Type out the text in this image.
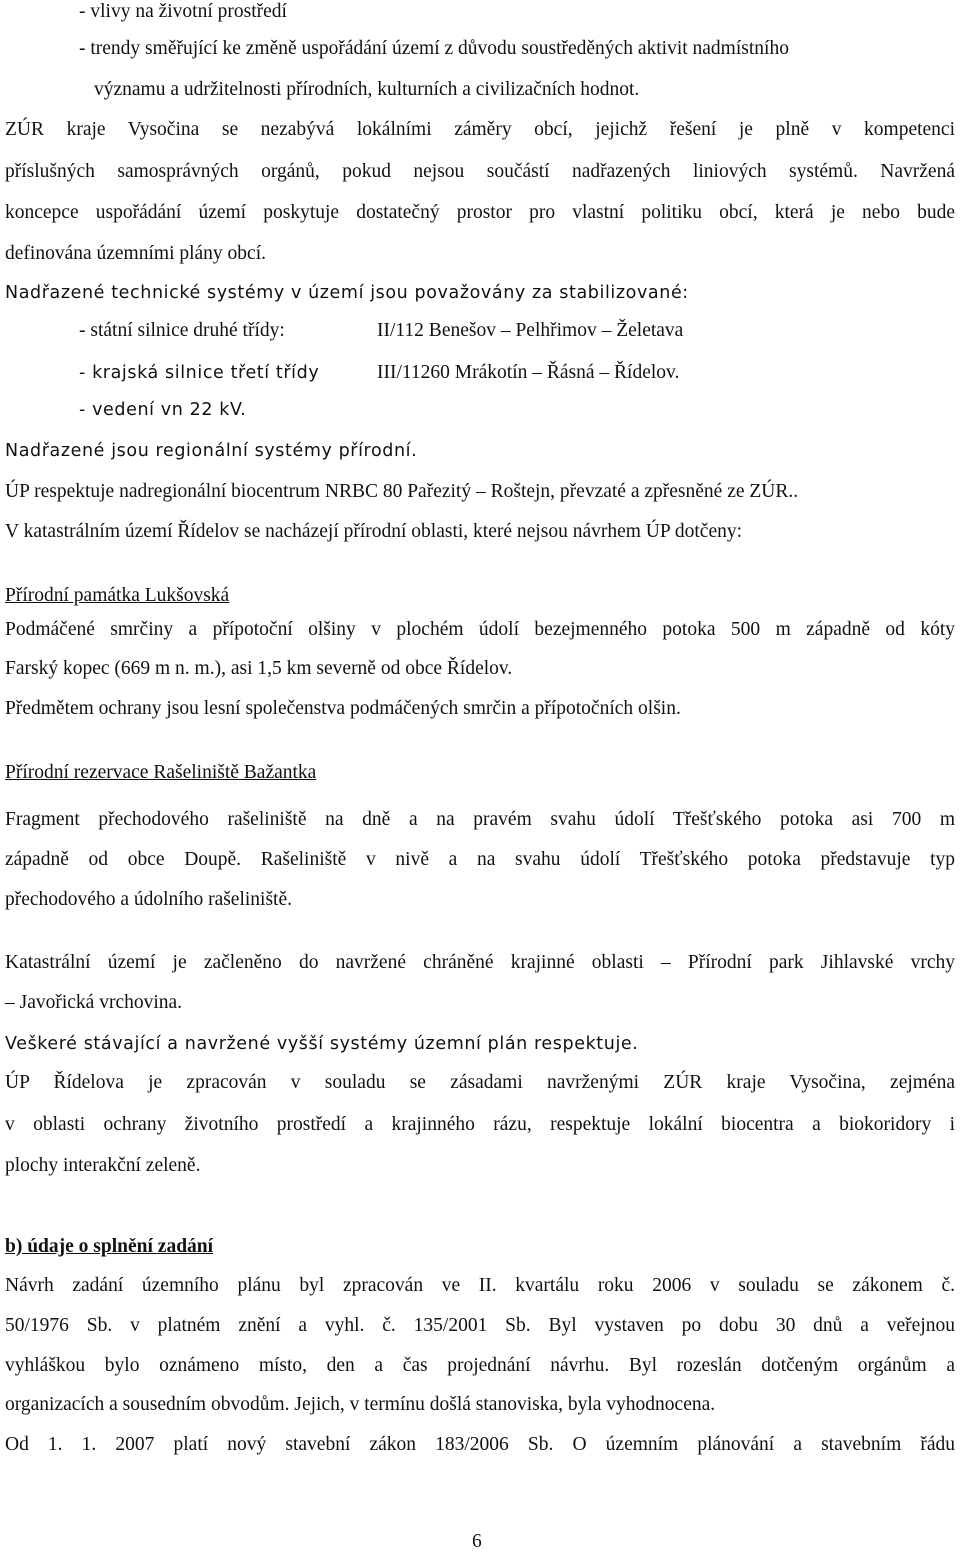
- vlivy na životní prostředí
- trendy směřující ke změně uspořádání území z důvodu soustředěných aktivit nadmístního
významu a udržitelnosti přírodních, kulturních a civilizačních hodnot.
ZÚR kraje Vysočina se nezabývá lokálními záměry obcí, jejichž řešení je plně v kompetenci
příslušných samosprávných orgánů, pokud nejsou součástí nadřazených liniových systémů. Navržená
koncepce uspořádání území poskytuje dostatečný prostor pro vlastní politiku obcí, která je nebo bude
definována územními plány obcí.
Nadřazené technické systémy v území jsou považovány za stabilizované:
- státní silnice druhé třídy:	II/112 Benešov – Pelhřimov – Želetava
- krajská silnice třetí třídy	III/11260 Mrákotín – Řásná – Řídelov.
- vedení vn 22 kV.
Nadřazené jsou regionální systémy přírodní.
ÚP respektuje nadregionální biocentrum NRBC 80 Pařezitý – Roštejn, převzaté a zpřesněné ze ZÚR..
V katastrálním území Řídelov se nacházejí přírodní oblasti, které nejsou návrhem ÚP dotčeny:
Přírodní památka Lukšovská
Podmáčené smrčiny a přípotoční olšiny v plochém údolí bezejmenného potoka 500 m západně od kóty
Farský kopec (669 m n. m.), asi 1,5 km severně od obce Řídelov.
Předmětem ochrany jsou lesní společenstva podmáčených smrčin a přípotočních olšin.
Přírodní rezervace Rašeliniště Bažantka
Fragment přechodového rašeliniště na dně a na pravém svahu údolí Třešťského potoka asi 700 m
západně od obce Doupě. Rašeliniště v nivě a na svahu údolí Třešťského potoka představuje typ
přechodového a údolního rašeliniště.
Katastrální území je začleněno do navržené chráněné krajinné oblasti – Přírodní park Jihlavské vrchy
– Javořická vrchovina.
Veškeré stávající a navržené vyšší systémy územní plán respektuje.
ÚP Řídelova je zpracován v souladu se zásadami navrženými ZÚR kraje Vysočina, zejména
v oblasti ochrany životního prostředí a krajinného rázu, respektuje lokální biocentra a biokoridory i
plochy interakční zeleně.
b) údaje o splnění zadání
Návrh zadání územního plánu byl zpracován ve II. kvartálu roku 2006 v souladu se zákonem č.
50/1976 Sb. v platném znění a vyhl. č. 135/2001 Sb. Byl vystaven po dobu 30 dnů a veřejnou
vyhláškou bylo oznámeno místo, den a čas projednání návrhu. Byl rozeslán dotčeným orgánům a
organizacích a sousedním obvodům. Jejich, v termínu došlá stanoviska, byla vyhodnocena.
Od 1. 1. 2007 platí nový stavební zákon 183/2006 Sb. O územním plánování a stavebním řádu
6
